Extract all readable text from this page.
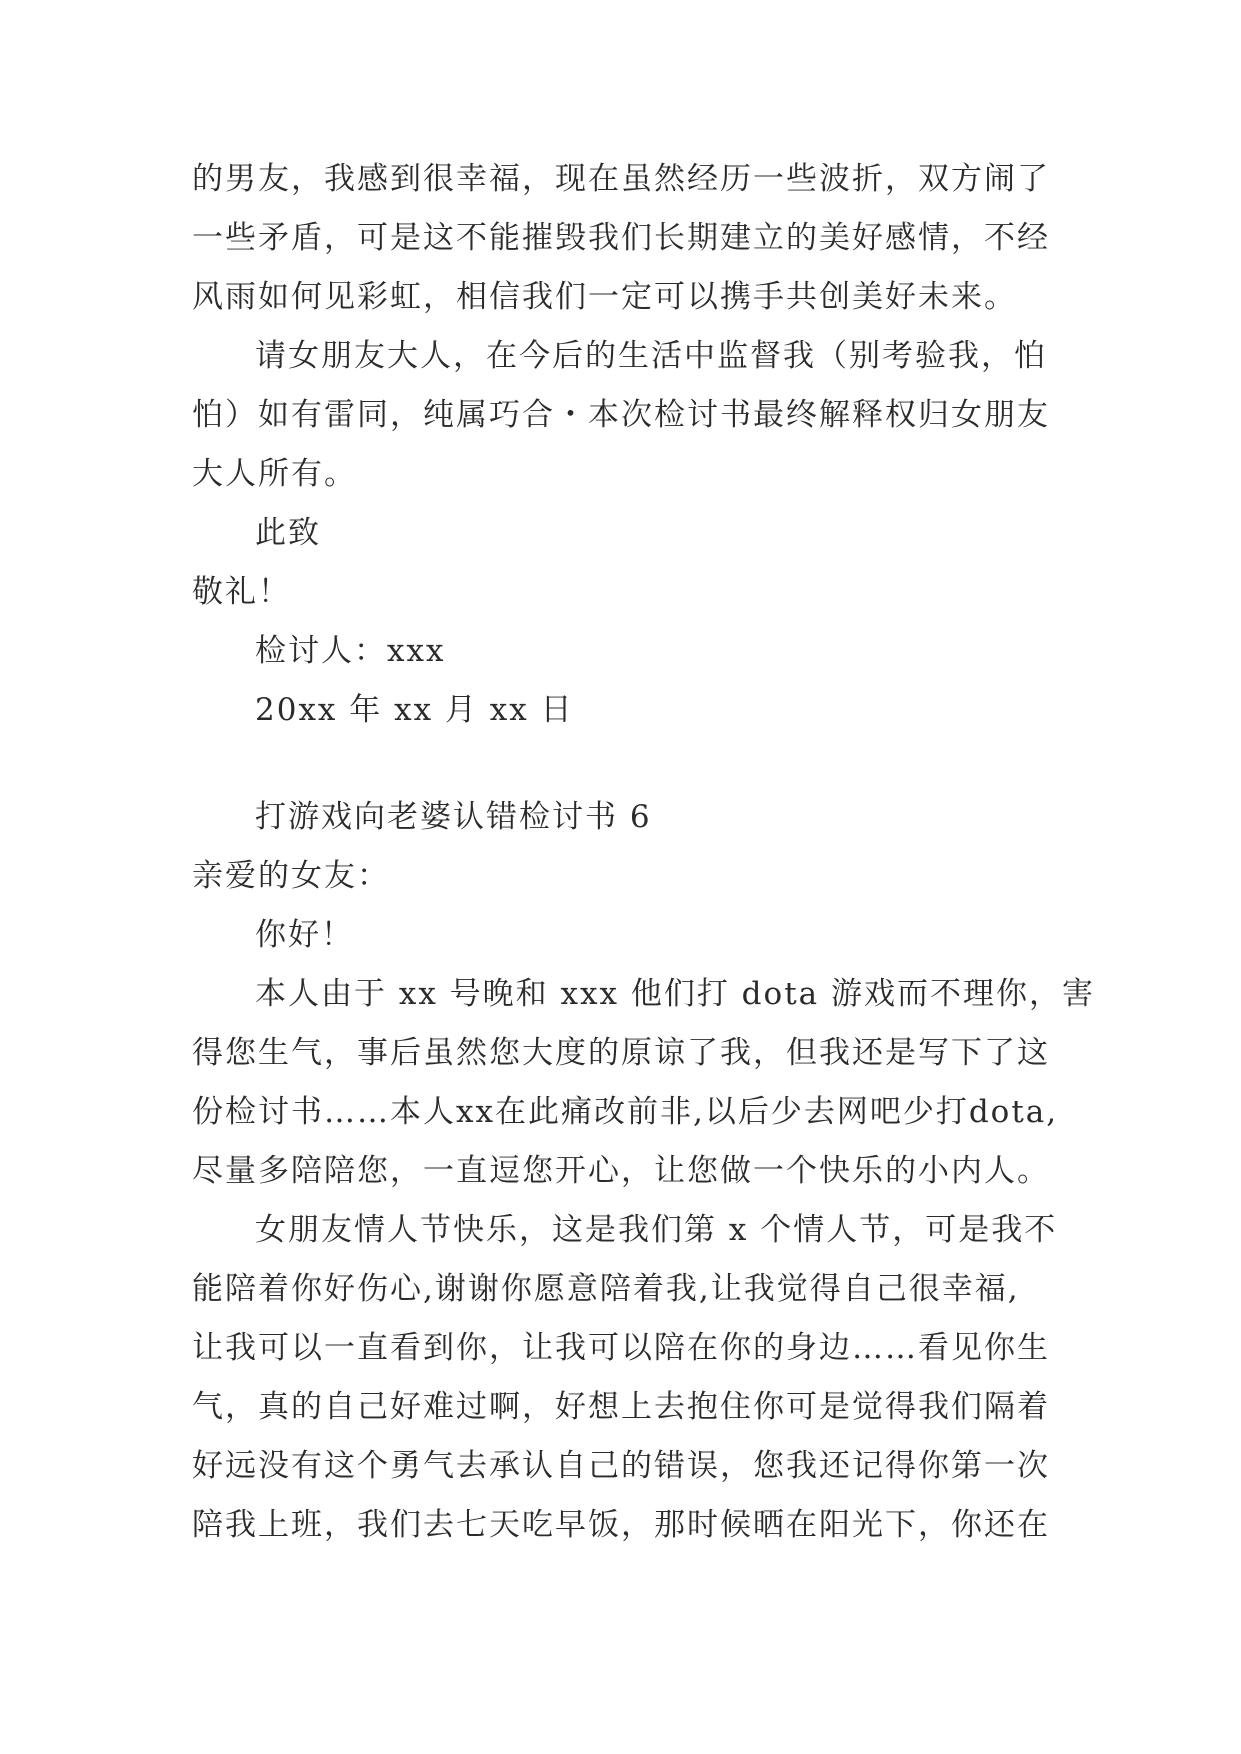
的男友，我感到很幸福，现在虽然经历一些波折，双方闹了
一些矛盾，可是这不能摧毁我们长期建立的美好感情，不经
风雨如何见彩虹，相信我们一定可以携手共创美好未来。
请女朋友大人，在今后的生活中监督我（别考验我，怕
怕）如有雷同，纯属巧合・本次检讨书最终解释权归女朋友
大人所有。
此致
敬礼！
检讨人：xxx
20xx 年 xx 月 xx 日
打游戏向老婆认错检讨书 6
亲爱的女友：
你好！
本人由于 xx 号晚和 xxx 他们打 dota 游戏而不理你，害
得您生气，事后虽然您大度的原谅了我，但我还是写下了这
份检讨书……本人xx在此痛改前非,以后少去网吧少打dota,
尽量多陪陪您，一直逗您开心，让您做一个快乐的小内人。
女朋友情人节快乐，这是我们第 x 个情人节，可是我不
能陪着你好伤心,谢谢你愿意陪着我,让我觉得自己很幸福,
让我可以一直看到你，让我可以陪在你的身边……看见你生
气，真的自己好难过啊，好想上去抱住你可是觉得我们隔着
好远没有这个勇气去承认自己的错误，您我还记得你第一次
陪我上班，我们去七天吃早饭，那时候晒在阳光下，你还在
